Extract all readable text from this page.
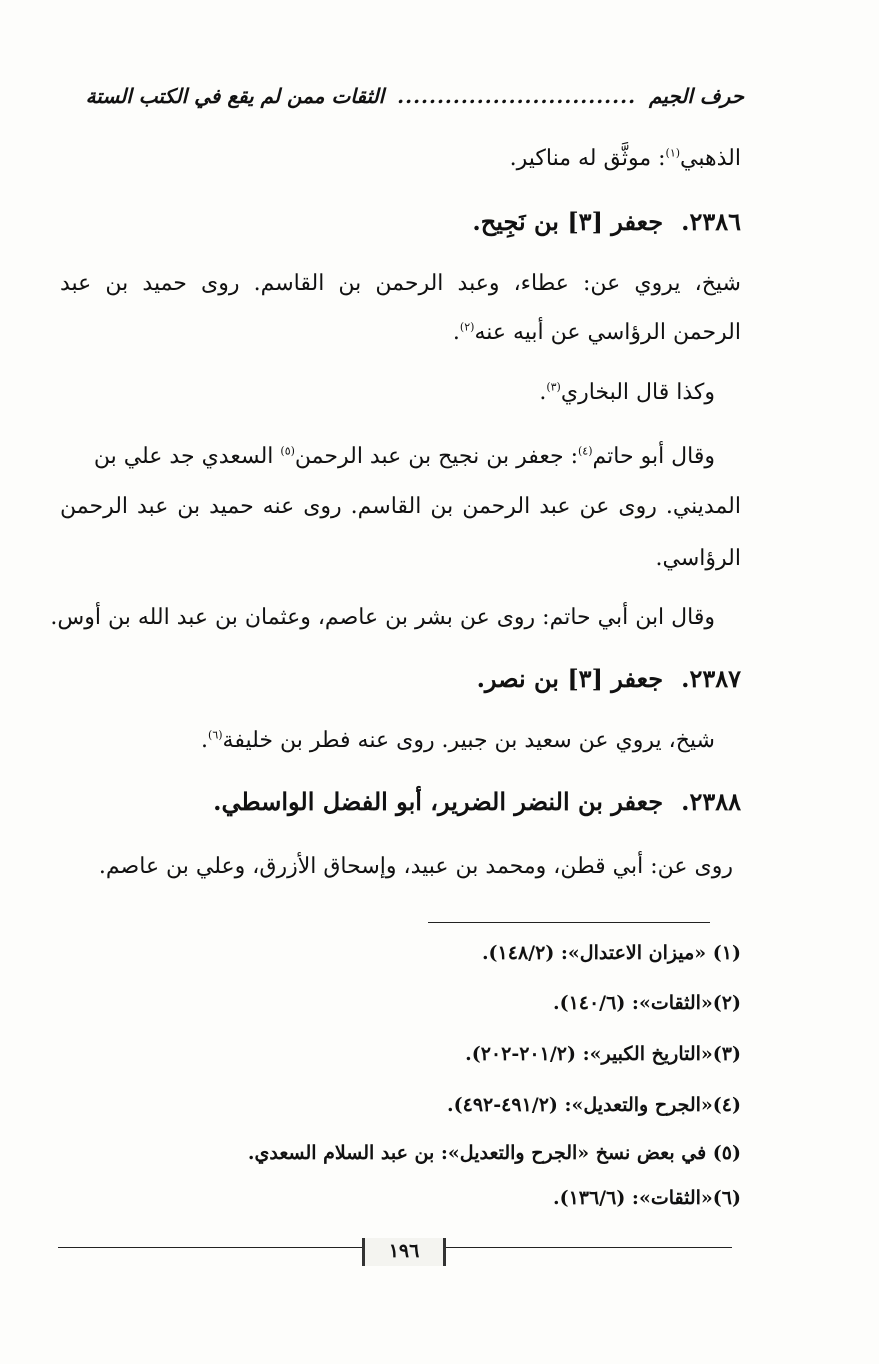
حرف الجيم .............................. الثقات ممن لم يقع في الكتب الستة
الذهبي$^{(١)}$: موثَّق له مناكير.
٢٣٨٦.جعفر [٣] بن نَجِيح.
شيخ، يروي عن: عطاء، وعبد الرحمن بن القاسم. روى حميد بن عبد
الرحمن الرؤاسي عن أبيه عنه$^{(٢)}$.
وكذا قال البخاري$^{(٣)}$.
وقال أبو حاتم$^{(٤)}$: جعفر بن نجيح بن عبد الرحمن$^{(٥)}$ السعدي جد علي بن
المديني. روى عن عبد الرحمن بن القاسم. روى عنه حميد بن عبد الرحمن
الرؤاسي.
وقال ابن أبي حاتم: روى عن بشر بن عاصم، وعثمان بن عبد الله بن أوس.
٢٣٨٧.جعفر [٣] بن نصر.
شيخ، يروي عن سعيد بن جبير. روى عنه فطر بن خليفة$^{(٦)}$.
٢٣٨٨.جعفر بن النضر الضرير، أبو الفضل الواسطي.
روى عن: أبي قطن، ومحمد بن عبيد، وإسحاق الأزرق، وعلي بن عاصم.
(١) «ميزان الاعتدال»: (١٤٨/٢).
(٢)«الثقات»: (١٤٠/٦).
(٣)«التاريخ الكبير»: (٢٠١/٢-٢٠٢).
(٤)«الجرح والتعديل»: (٤٩١/٢-٤٩٢).
(٥) في بعض نسخ «الجرح والتعديل»: بن عبد السلام السعدي.
(٦)«الثقات»: (١٣٦/٦).
١٩٦
